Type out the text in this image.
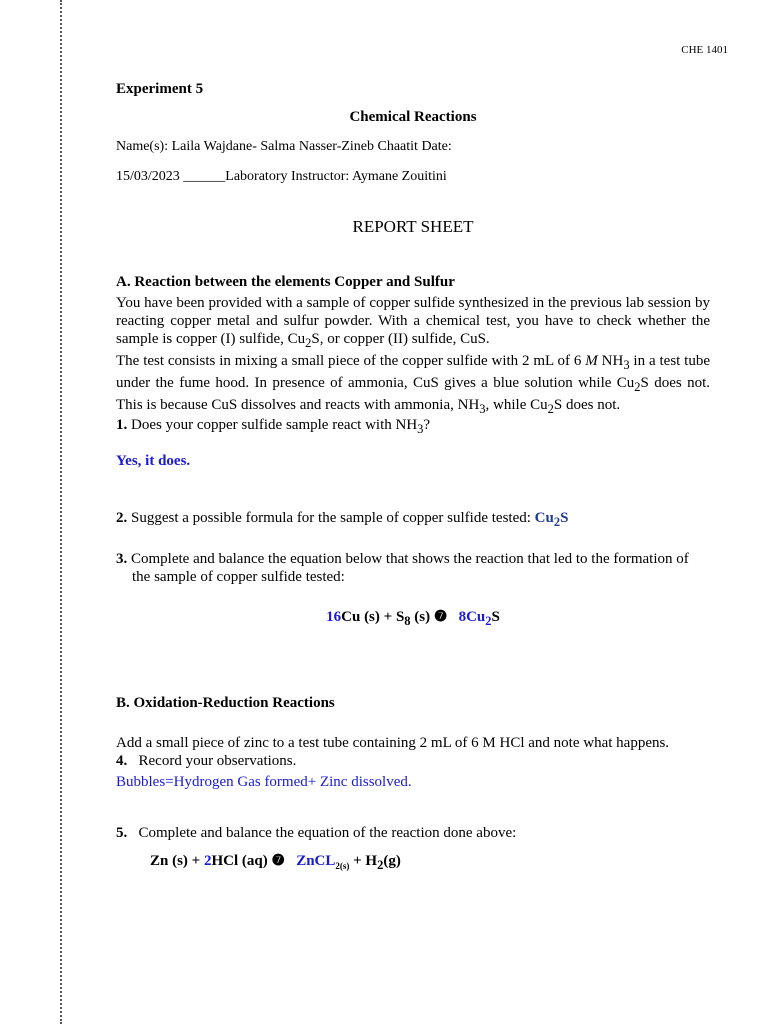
CHE 1401
Experiment 5
Chemical Reactions
Name(s): Laila Wajdane- Salma Nasser-Zineb Chaatit Date:
15/03/2023 ______Laboratory Instructor: Aymane Zouitini
REPORT SHEET
A. Reaction between the elements Copper and Sulfur
You have been provided with a sample of copper sulfide synthesized in the previous lab session by reacting copper metal and sulfur powder. With a chemical test, you have to check whether the sample is copper (I) sulfide, $Cu_2S$, or copper (II) sulfide, CuS.
The test consists in mixing a small piece of the copper sulfide with 2 mL of 6 M $NH_3$ in a test tube under the fume hood. In presence of ammonia, CuS gives a blue solution while $Cu_2S$ does not. This is because CuS dissolves and reacts with ammonia, $NH_3$, while $Cu_2S$ does not.
1. Does your copper sulfide sample react with $NH_3$?
Yes, it does.
2. Suggest a possible formula for the sample of copper sulfide tested: $Cu_2S$
3. Complete and balance the equation below that shows the reaction that led to the formation of
the sample of copper sulfide tested:
16Cu $(s) + S_8$ (s) ❼ $8Cu_2S$
B. Oxidation-Reduction Reactions
Add a small piece of zinc to a test tube containing 2 mL of 6 M HCl and note what happens.
4. Record your observations.
Bubbles=Hydrogen Gas formed+ Zinc dissolved.
5. Complete and balance the equation of the reaction done above:
Zn (s) + 2HCl (aq) ❼ ZnCL$_{2(s)}$ + $H_2(g)$
